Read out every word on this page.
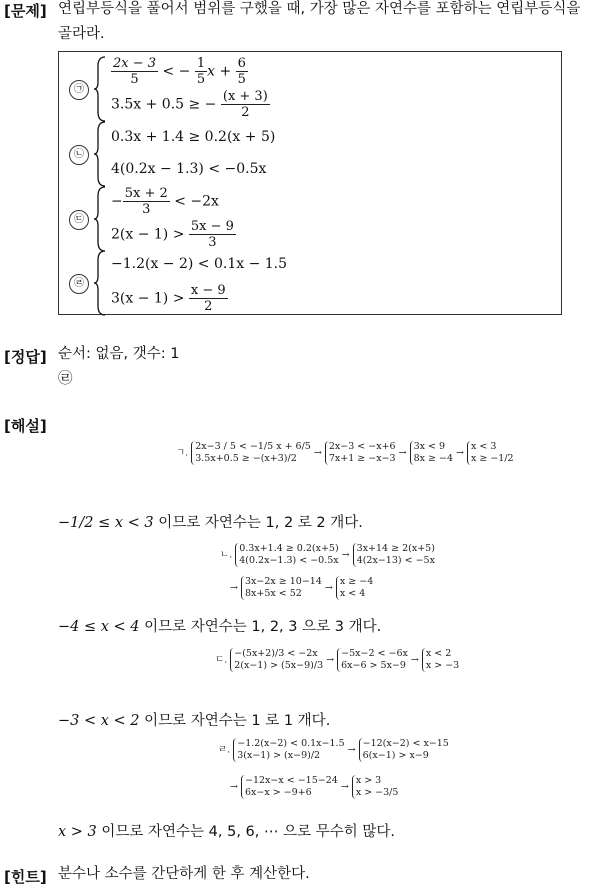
[문제] 연립부등식을 풀어서 범위를 구했을 때, 가장 많은 자연수를 포함하는 연립부등식을
골라라.
㉠
$\frac{2x - 3}{5}$ < − $\frac{1}{5}$ $x + \frac{6}{5}$
3.5x + 0.5 ≥ − $\frac{(x + 3)}{2}$
㉡
0.3x + 1.4 ≥ 0.2(x + 5)
4(0.2x − 1.3) < −0.5x
㉢
− $\frac{5x + 2}{3} < -2x$
$2(x - 1) > \frac{5x - 9}{3}$
㉣
−1.2(x − 2) < 0.1x − 1.5
$3(x - 1) > \frac{x - 9}{2}$
[정답] 순서: 없음, 갯수: 1
㉣
[해설]
ㄱ.
2x−3 / 5 < −1/5 x + 6/5
3.5x+0.5 ≥ −(x+3)/2	→
2x−3 < −x+6
7x+1 ≥ −x−3 →
3x < 9
8x ≥ −4 →
x < 3
x ≥ −1/2
−1/2 ≤ x < 3 이므로 자연수는 1, 2 로 2 개다.
ㄴ.
0.3x+1.4 ≥ 0.2(x+5)
4(0.2x−1.3) < −0.5x →
3x+14 ≥ 2(x+5)
4(2x−13) < −5x
→
3x−2x ≥ 10−14
8x+5x < 52	→
x ≥ −4
x < 4
−4 ≤ x < 4 이므로 자연수는 1, 2, 3 으로 3 개다.
ㄷ.
−(5x+2)/3 < −2x
2(x−1) > (5x−9)/3 →
−5x−2 < −6x
6x−6 > 5x−9 →
x < 2
x > −3
−3 < x < 2 이므로 자연수는 1 로 1 개다.
ㄹ.
−1.2(x−2) < 0.1x−1.5
3(x−1) > (x−9)/2	→
−12(x−2) < x−15
6(x−1) > x−9
→
−12x−x < −15−24
6x−x > −9+6	→
x > 3
x > −3/5
x > 3 이므로 자연수는 4, 5, 6, ⋯ 으로 무수히 많다.
[힌트] 분수나 소수를 간단하게 한 후 계산한다.
